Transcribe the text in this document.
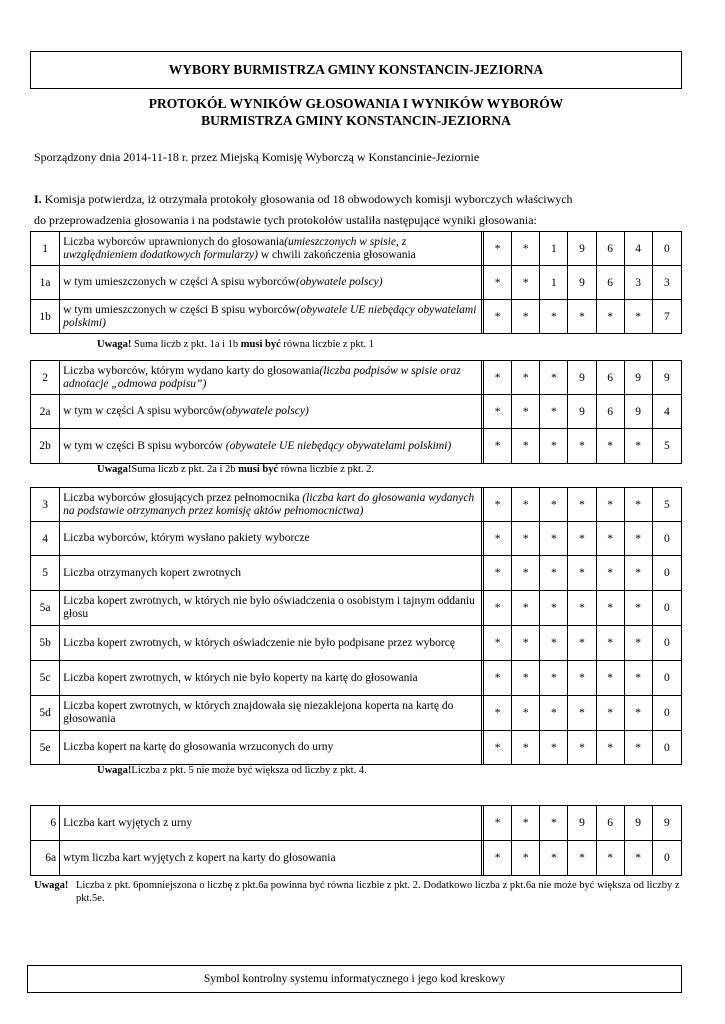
WYBORY BURMISTRZA GMINY KONSTANCIN-JEZIORNA
PROTOKÓŁ WYNIKÓW GŁOSOWANIA I WYNIKÓW WYBORÓW
BURMISTRZA GMINY KONSTANCIN-JEZIORNA
Sporządzony dnia 2014-11-18 r. przez Miejską Komisję Wyborczą w Konstancinie-Jeziornie
I. Komisja potwierdza, iż otrzymała protokoły głosowania od 18 obwodowych komisji wyborczych właściwych
do przeprowadzenia głosowania i na podstawie tych protokołów ustaliła następujące wyniki głosowania:
1	Liczba wyborców uprawnionych do głosowania(umieszczonych w spisie, z uwzględnieniem dodatkowych formularzy) w chwili zakończenia głosowania		*	*	1	9	6	4	0
1a	w tym umieszczonych w części A spisu wyborców(obywatele polscy)		*	*	1	9	6	3	3
1b	w tym umieszczonych w części B spisu wyborców(obywatele UE niebędący obywatelami polskimi)		*	*	*	*	*	*	7
Uwaga! Suma liczb z pkt. 1a i 1b musi być równa liczbie z pkt. 1
2	Liczba wyborców, którym wydano karty do głosowania(liczba podpisów w spisie oraz adnotacje „odmowa podpisu”)		*	*	*	9	6	9	9
2a	w tym w części A spisu wyborców(obywatele polscy)		*	*	*	9	6	9	4
2b	w tym w części B spisu wyborców (obywatele UE niebędący obywatelami polskimi)		*	*	*	*	*	*	5
Uwaga!Suma liczb z pkt. 2a i 2b musi być równa liczbie z pkt. 2.
3	Liczba wyborców głosujących przez pełnomocnika (liczba kart do głosowania wydanych na podstawie otrzymanych przez komisję aktów pełnomocnictwa)		*	*	*	*	*	*	5
4	Liczba wyborców, którym wysłano pakiety wyborcze		*	*	*	*	*	*	0
5	Liczba otrzymanych kopert zwrotnych		*	*	*	*	*	*	0
5a	Liczba kopert zwrotnych, w których nie było oświadczenia o osobistym i tajnym oddaniu głosu		*	*	*	*	*	*	0
5b	Liczba kopert zwrotnych, w których oświadczenie nie było podpisane przez wyborcę		*	*	*	*	*	*	0
5c	Liczba kopert zwrotnych, w których nie było koperty na kartę do głosowania		*	*	*	*	*	*	0
5d	Liczba kopert zwrotnych, w których znajdowała się niezaklejona koperta na kartę do głosowania		*	*	*	*	*	*	0
5e	Liczba kopert na kartę do głosowania wrzuconych do urny		*	*	*	*	*	*	0
Uwaga!Liczba z pkt. 5 nie może być większa od liczby z pkt. 4.
6	Liczba kart wyjętych z urny		*	*	*	9	6	9	9
6a	wtym liczba kart wyjętych z kopert na karty do głosowania		*	*	*	*	*	*	0
Uwaga! Liczba z pkt. 6pomniejszona o liczbę z pkt.6a powinna być równa liczbie z pkt. 2. Dodatkowo liczba z pkt.6a nie może być większa od liczby z pkt.5e.
Symbol kontrolny systemu informatycznego i jego kod kreskowy
